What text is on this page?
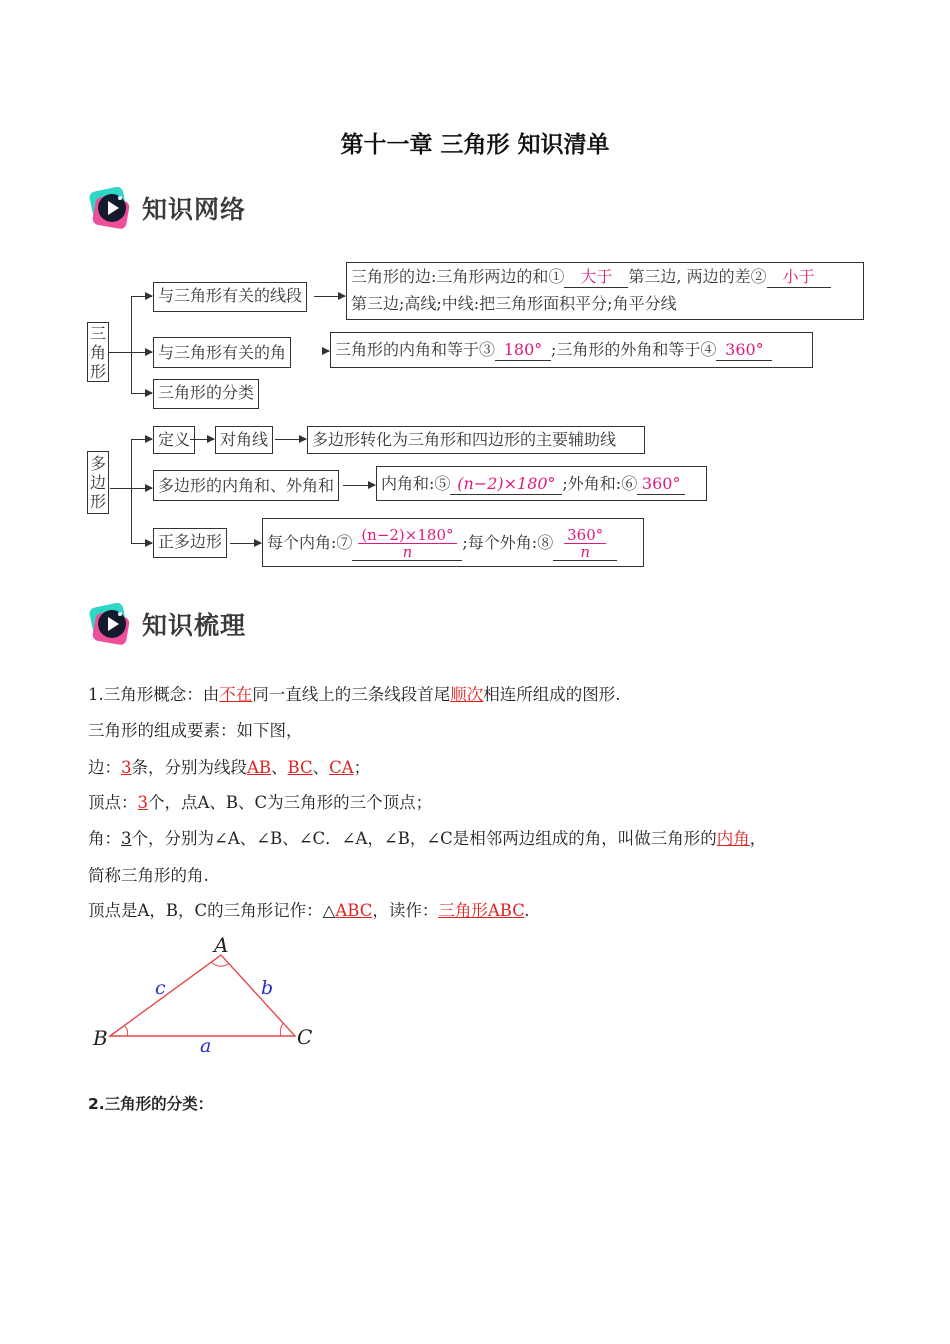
第十一章 三角形 知识清单
知识网络
三角形
与三角形有关的线段
三角形的边:三角形两边的和① 大于 第三边, 两边的差② 小于
第三边;高线;中线:把三角形面积平分;角平分线
与三角形有关的角	三角形的内角和等于③ 180° ;三角形的外角和等于④ 360°
三角形的分类
多边形
定义	对角线	多边形转化为三角形和四边形的主要辅助线
多边形的内角和、外角和	内角和:⑤ (n−2)×180° ;外角和:⑥ 360°
正多边形	每个内角:⑦ $\frac{(n-2)\times 180^\circ}{n}$ ;每个外角:⑧ $\frac{360^\circ}{n}$
知识梳理
1.三角形概念：由不在同一直线上的三条线段首尾顺次相连所组成的图形.
三角形的组成要素：如下图，
边：3条，分别为线段AB、BC、CA；
顶点：3个，点A、B、C为三角形的三个顶点；
角：3个，分别为∠A、∠B、∠C．∠A，∠B，∠C是相邻两边组成的角，叫做三角形的内角，
简称三角形的角.
顶点是A，B，C的三角形记作：△ABC，读作：三角形ABC.
A
B	C
a
b
c
2.三角形的分类：
